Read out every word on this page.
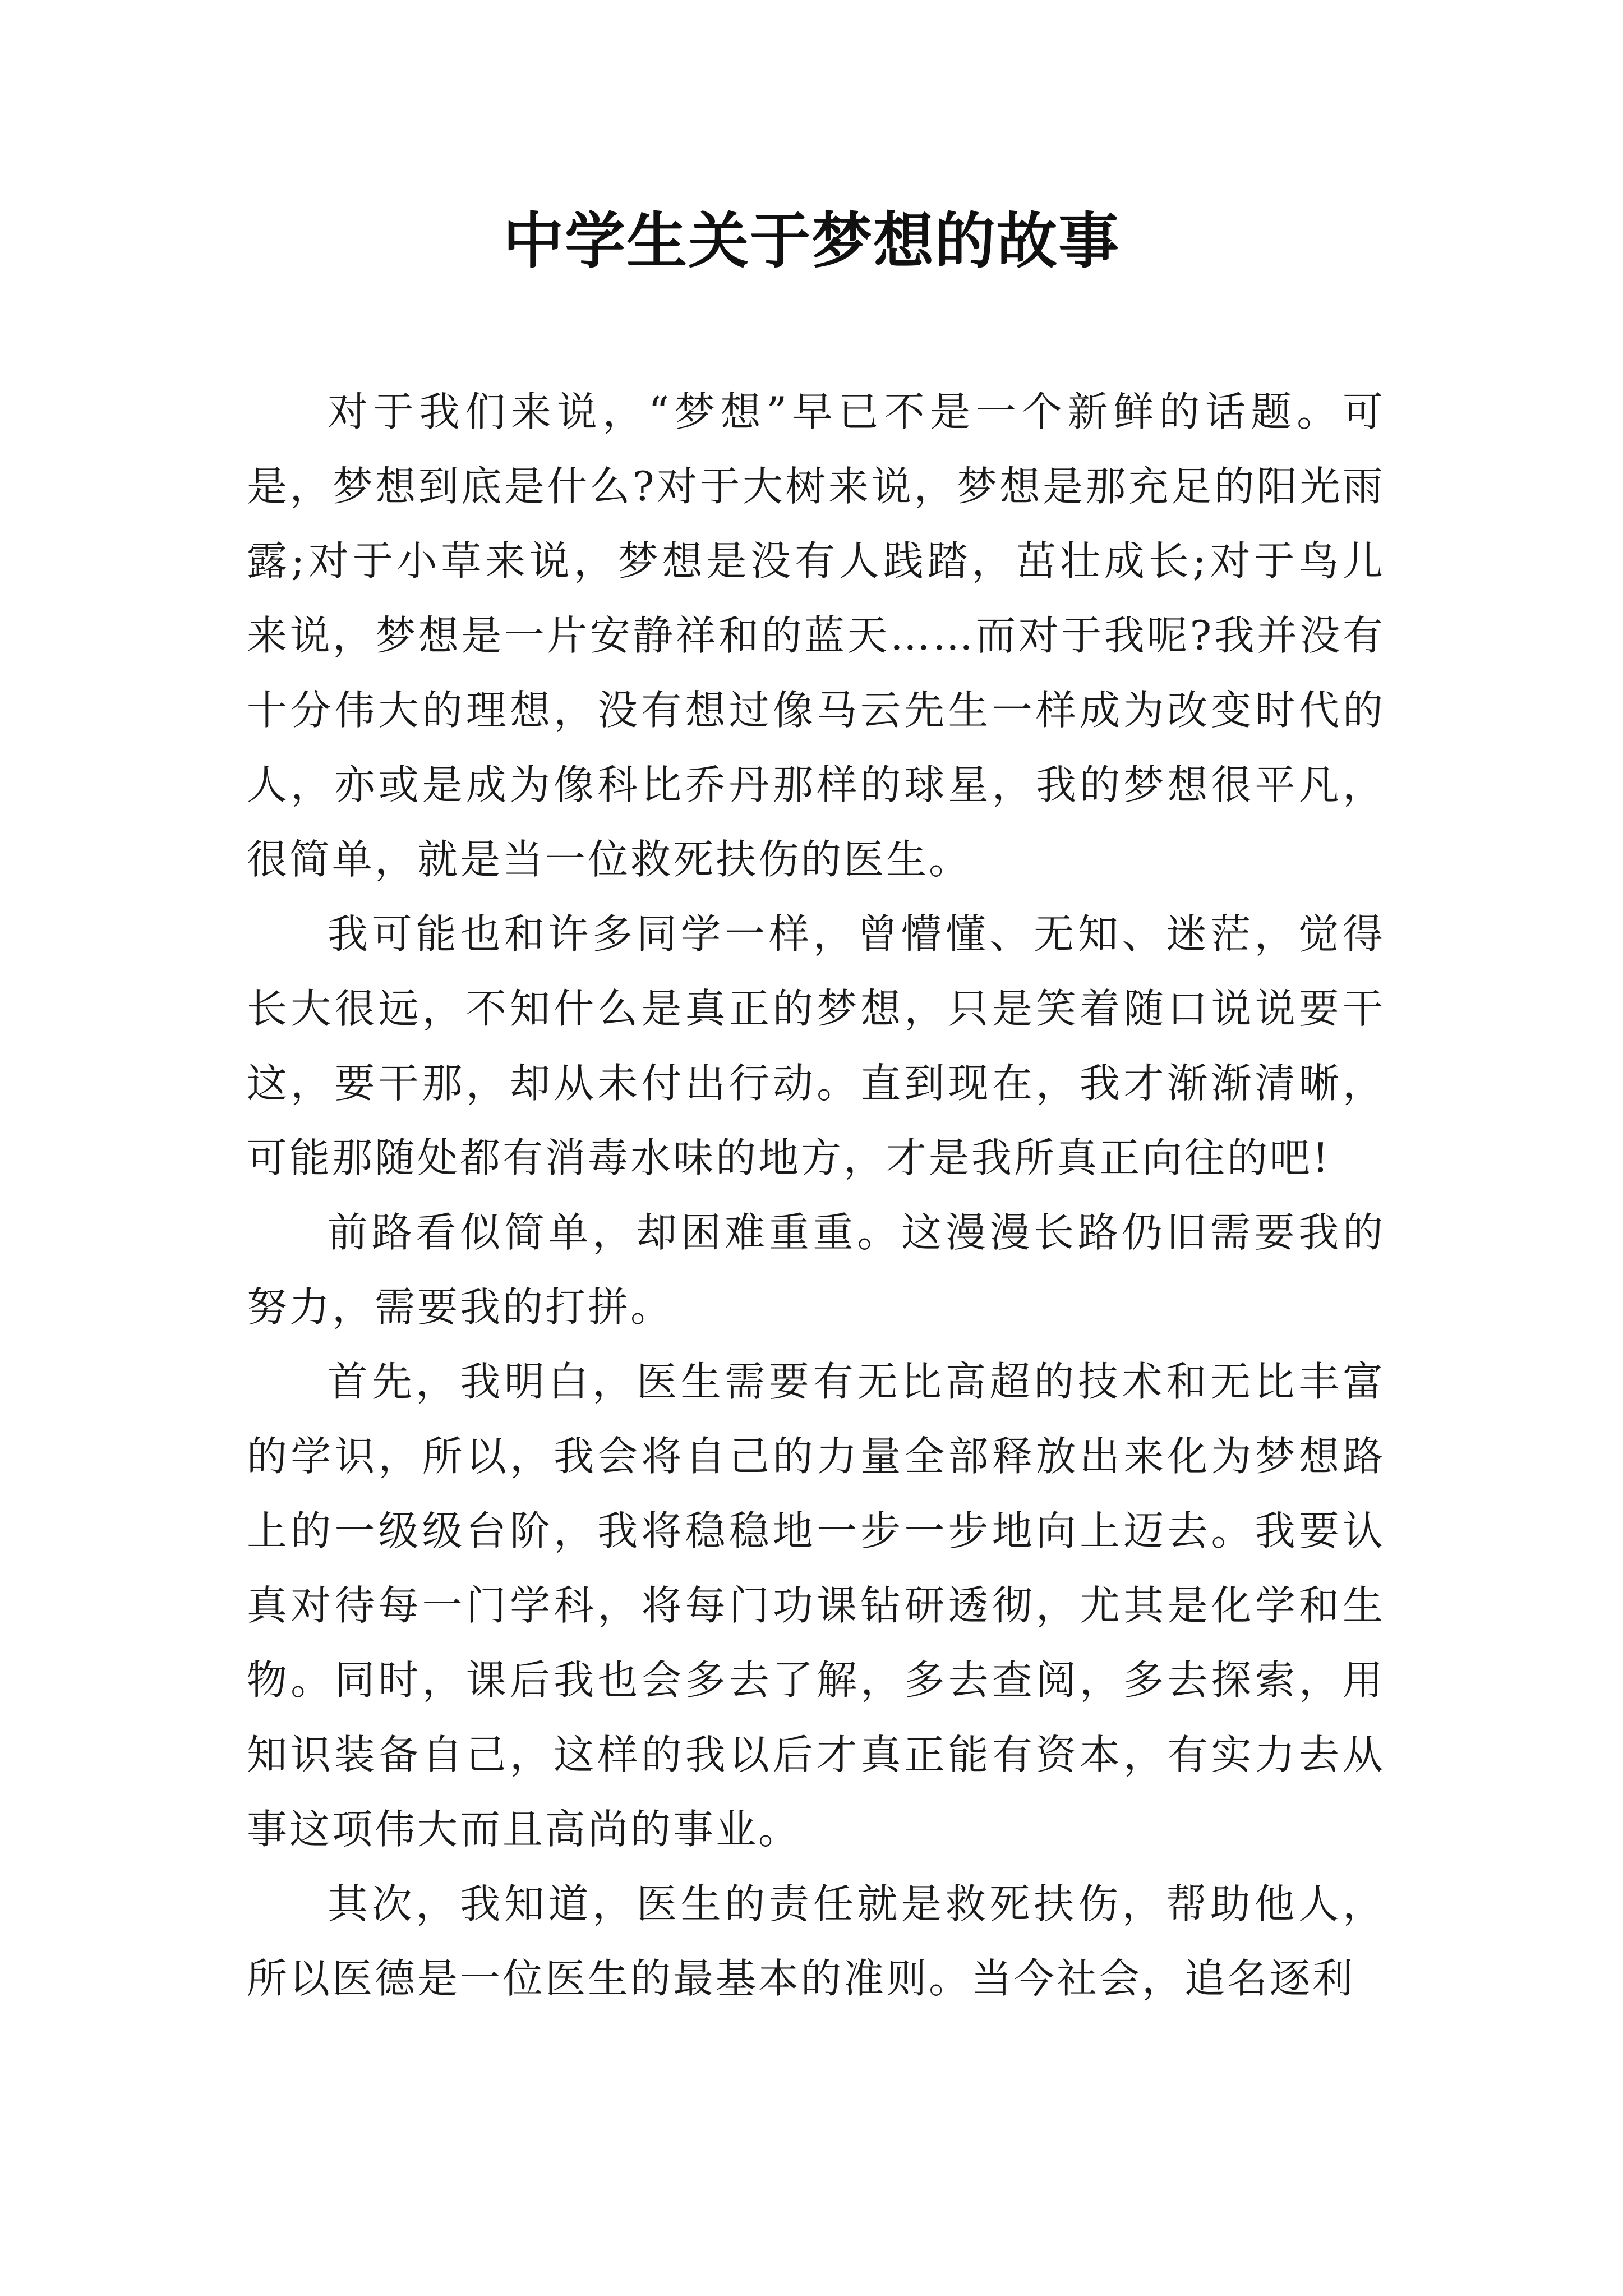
中学生关于梦想的故事

对于我们来说，“梦想”早已不是一个新鲜的话题。可是，梦想到底是什么?对于大树来说，梦想是那充足的阳光雨露;对于小草来说，梦想是没有人践踏，茁壮成长;对于鸟儿来说，梦想是一片安静祥和的蓝天……而对于我呢?我并没有十分伟大的理想，没有想过像马云先生一样成为改变时代的人，亦或是成为像科比乔丹那样的球星，我的梦想很平凡，很简单，就是当一位救死扶伤的医生。

我可能也和许多同学一样，曾懵懂、无知、迷茫，觉得长大很远，不知什么是真正的梦想，只是笑着随口说说要干这，要干那，却从未付出行动。直到现在，我才渐渐清晰，可能那随处都有消毒水味的地方，才是我所真正向往的吧!

前路看似简单，却困难重重。这漫漫长路仍旧需要我的努力，需要我的打拼。

首先，我明白，医生需要有无比高超的技术和无比丰富的学识，所以，我会将自己的力量全部释放出来化为梦想路上的一级级台阶，我将稳稳地一步一步地向上迈去。我要认真对待每一门学科，将每门功课钻研透彻，尤其是化学和生物。同时，课后我也会多去了解，多去查阅，多去探索，用知识装备自己，这样的我以后才真正能有资本，有实力去从事这项伟大而且高尚的事业。

其次，我知道，医生的责任就是救死扶伤，帮助他人，所以医德是一位医生的最基本的准则。当今社会，追名逐利
